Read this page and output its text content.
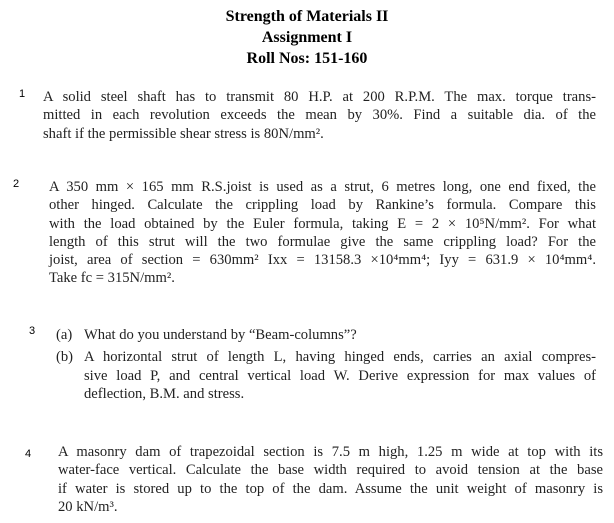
Strength of Materials II
Assignment I
Roll Nos: 151-160
1 A solid steel shaft has to transmit 80 H.P. at 200 R.P.M. The max. torque trans-
mitted in each revolution exceeds the mean by 30%. Find a suitable dia. of the
shaft if the permissible shear stress is 80N/mm².
2 A 350 mm × 165 mm R.S.joist is used as a strut, 6 metres long, one end fixed, the
other hinged. Calculate the crippling load by Rankine’s formula. Compare this
with the load obtained by the Euler formula, taking E = 2 × 10⁵N/mm². For what
length of this strut will the two formulae give the same crippling load? For the
joist, area of section = 630mm² Ixx = 13158.3 ×10⁴mm⁴; Iyy = 631.9 × 10⁴mm⁴.
Take fc = 315N/mm².
3 (a) What do you understand by “Beam-columns”?
(b) A horizontal strut of length L, having hinged ends, carries an axial compres-
sive load P, and central vertical load W. Derive expression for max values of
deflection, B.M. and stress.
4 A masonry dam of trapezoidal section is 7.5 m high, 1.25 m wide at top with its
water-face vertical. Calculate the base width required to avoid tension at the base
if water is stored up to the top of the dam. Assume the unit weight of masonry is
20 kN/m³.
